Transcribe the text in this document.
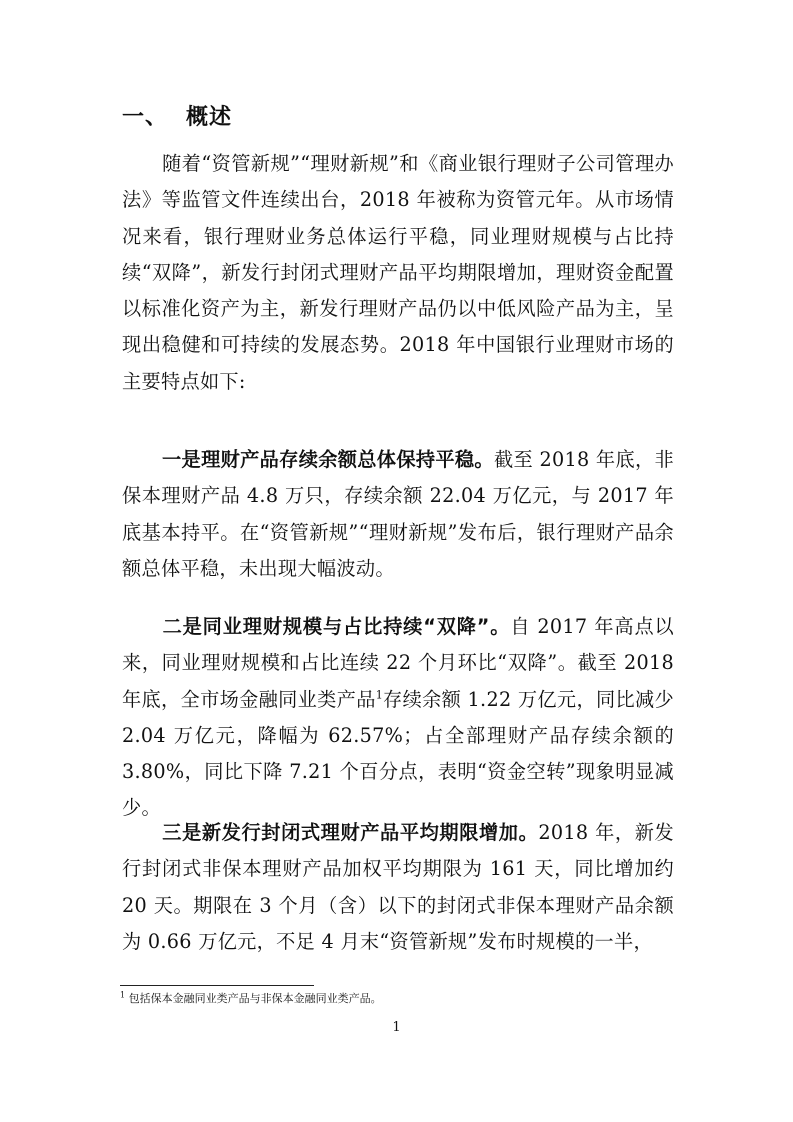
一、 概述

随着“资管新规”“理财新规”和《商业银行理财子公司管理办法》等监管文件连续出台，2018 年被称为资管元年。从市场情况来看，银行理财业务总体运行平稳，同业理财规模与占比持续“双降”，新发行封闭式理财产品平均期限增加，理财资金配置以标准化资产为主，新发行理财产品仍以中低风险产品为主，呈现出稳健和可持续的发展态势。2018 年中国银行业理财市场的主要特点如下:

一是理财产品存续余额总体保持平稳。截至 2018 年底，非保本理财产品 4.8 万只，存续余额 22.04 万亿元，与 2017 年底基本持平。在“资管新规”“理财新规”发布后，银行理财产品余额总体平稳，未出现大幅波动。

二是同业理财规模与占比持续“双降”。自 2017 年高点以来，同业理财规模和占比连续 22 个月环比“双降”。截至 2018 年底，全市场金融同业类产品$^1$存续余额 1.22 万亿元，同比减少 2.04 万亿元，降幅为 62.57%；占全部理财产品存续余额的 3.80%，同比下降 7.21 个百分点，表明“资金空转”现象明显减少。

三是新发行封闭式理财产品平均期限增加。2018 年，新发行封闭式非保本理财产品加权平均期限为 161 天，同比增加约 20 天。期限在 3 个月（含）以下的封闭式非保本理财产品余额为 0.66 万亿元，不足 4 月末“资管新规”发布时规模的一半，

$^1$ 包括保本金融同业类产品与非保本金融同业类产品。

1
